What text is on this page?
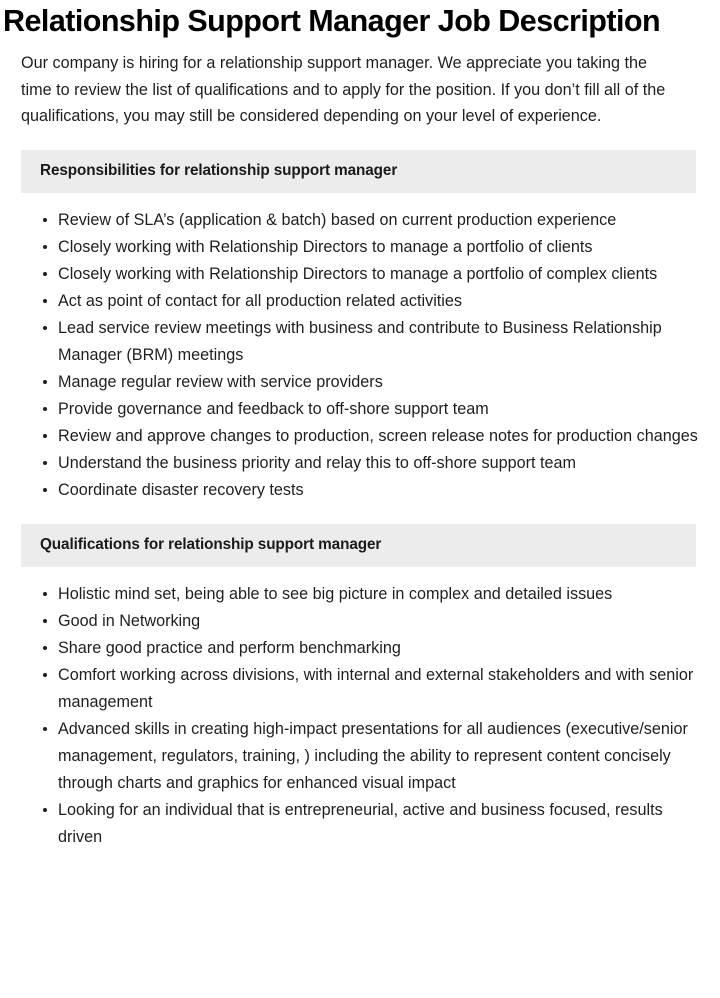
Relationship Support Manager Job Description

Our company is hiring for a relationship support manager. We appreciate you taking the time to review the list of qualifications and to apply for the position. If you don’t fill all of the qualifications, you may still be considered depending on your level of experience.

Responsibilities for relationship support manager
Review of SLA’s (application & batch) based on current production experience
Closely working with Relationship Directors to manage a portfolio of clients
Closely working with Relationship Directors to manage a portfolio of complex clients
Act as point of contact for all production related activities
Lead service review meetings with business and contribute to Business Relationship Manager (BRM) meetings
Manage regular review with service providers
Provide governance and feedback to off-shore support team
Review and approve changes to production, screen release notes for production changes
Understand the business priority and relay this to off-shore support team
Coordinate disaster recovery tests
Qualifications for relationship support manager
Holistic mind set, being able to see big picture in complex and detailed issues
Good in Networking
Share good practice and perform benchmarking
Comfort working across divisions, with internal and external stakeholders and with senior management
Advanced skills in creating high-impact presentations for all audiences (executive/senior management, regulators, training, ) including the ability to represent content concisely through charts and graphics for enhanced visual impact
Looking for an individual that is entrepreneurial, active and business focused, results driven
